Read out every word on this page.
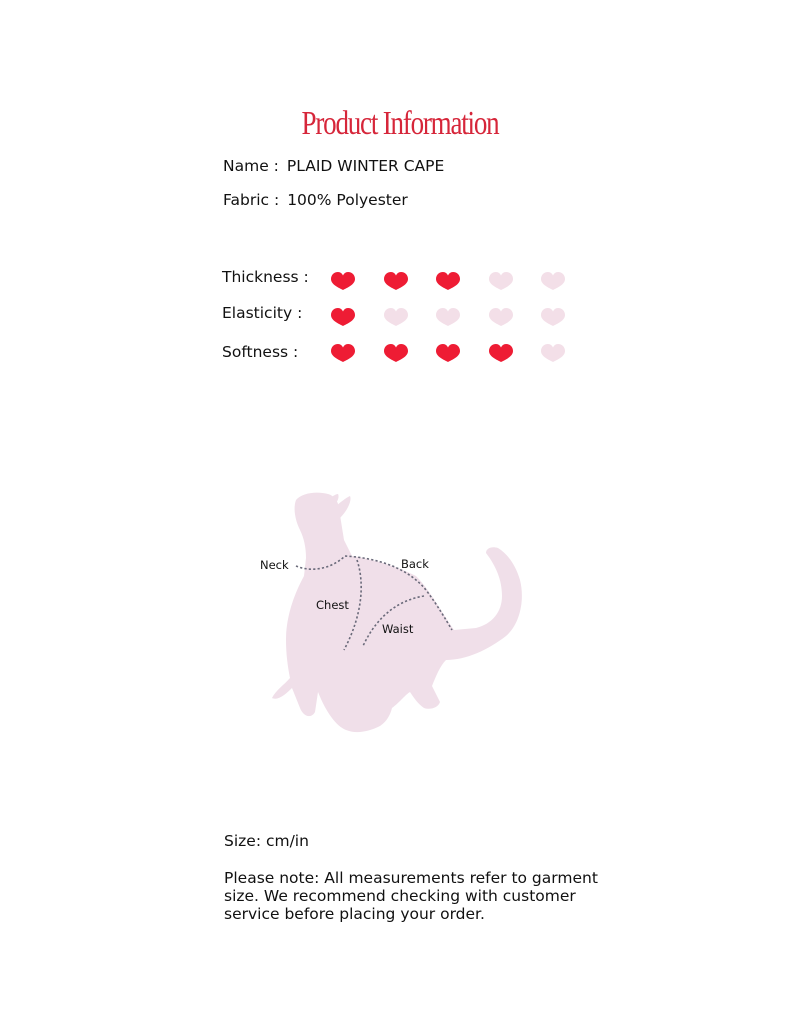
Product Information
Name : PLAID WINTER CAPE
Fabric : 100% Polyester
Thickness :
Elasticity :
Softness :
Neck	Back
Chest
Waist
Size: cm/in
Please note: All measurements refer to garment size. We recommend checking with customer service before placing your order.
